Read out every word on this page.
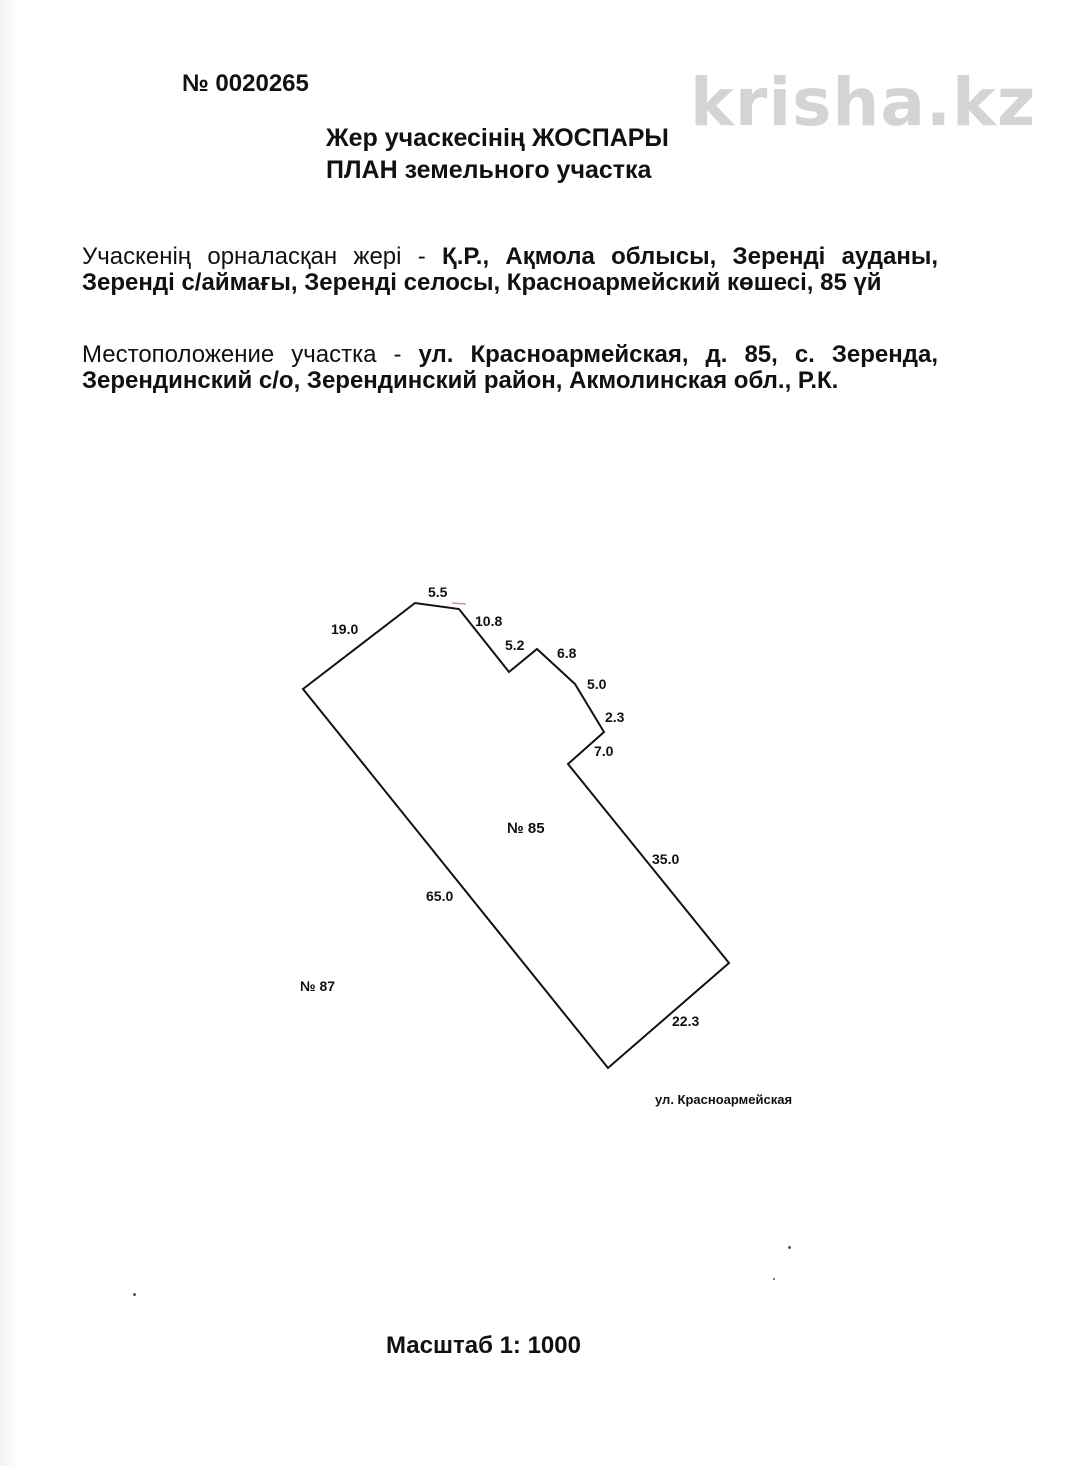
krisha.kz
№ 0020265
Жер учаскесінің ЖОСПАРЫ
ПЛАН земельного участка
Учаскенің орналасқан жері - Қ.Р., Ақмола облысы, Зеренді ауданы, Зеренді с/аймағы, Зеренді селосы, Красноармейский көшесі, 85 үй
Местоположение участка - ул. Красноармейская, д. 85, с. Зеренда, Зерендинский с/о, Зерендинский район, Акмолинская обл., Р.К.
19.0
5.5
10.8
5.2 6.8
5.0
2.3
7.0
35.0
22.3
65.0
№ 85
№ 87
ул. Красноармейская
Масштаб 1: 1000
